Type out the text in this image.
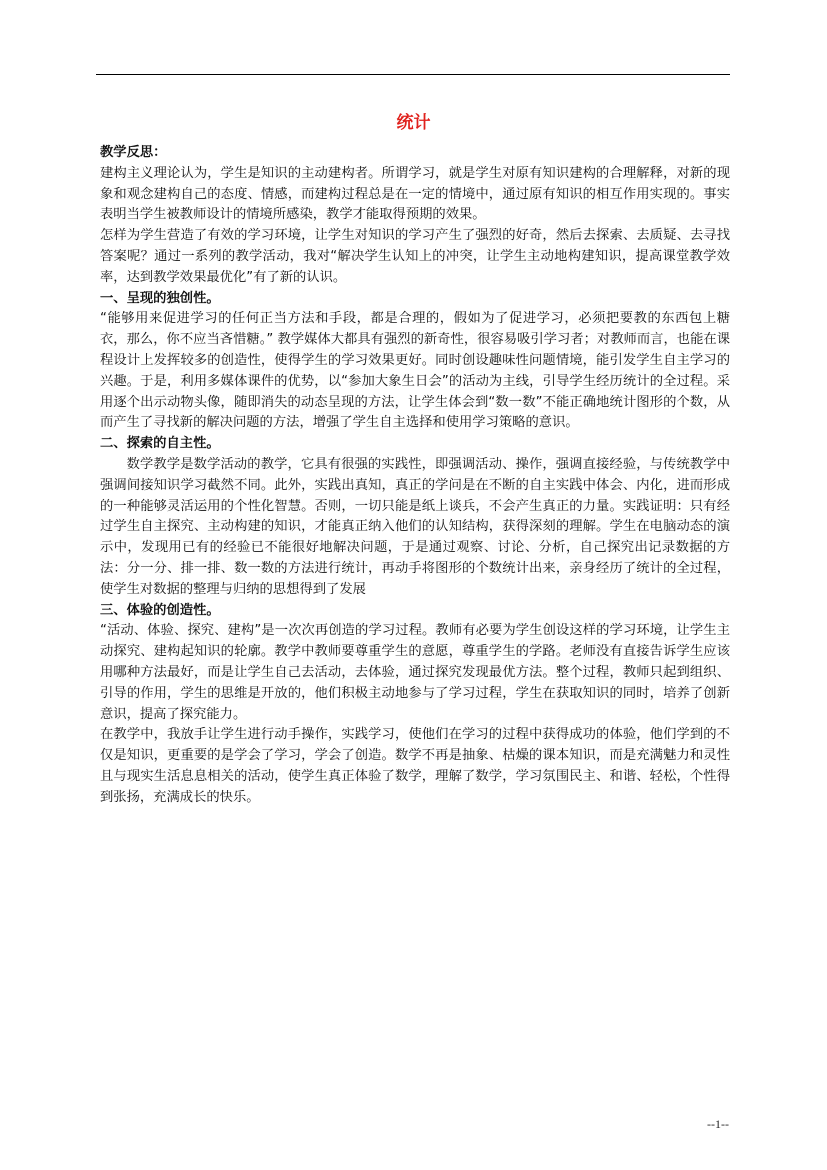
统计

教学反思：

建构主义理论认为，学生是知识的主动建构者。所谓学习，就是学生对原有知识建构的合理解释，对新的现象和观念建构自己的态度、情感，而建构过程总是在一定的情境中，通过原有知识的相互作用实现的。事实表明当学生被教师设计的情境所感染，教学才能取得预期的效果。

怎样为学生营造了有效的学习环境，让学生对知识的学习产生了强烈的好奇，然后去探索、去质疑、去寻找答案呢？通过一系列的教学活动，我对“解决学生认知上的冲突，让学生主动地构建知识，提高课堂教学效率，达到教学效果最优化”有了新的认识。

一、呈现的独创性。

“能够用来促进学习的任何正当方法和手段，都是合理的，假如为了促进学习，必须把要教的东西包上糖衣，那么，你不应当吝惜糖。” 教学媒体大都具有强烈的新奇性，很容易吸引学习者；对教师而言，也能在课程设计上发挥较多的创造性，使得学生的学习效果更好。同时创设趣味性问题情境，能引发学生自主学习的兴趣。于是，利用多媒体课件的优势，以“参加大象生日会”的活动为主线，引导学生经历统计的全过程。采用逐个出示动物头像，随即消失的动态呈现的方法，让学生体会到“数一数”不能正确地统计图形的个数，从而产生了寻找新的解决问题的方法，增强了学生自主选择和使用学习策略的意识。

二、探索的自主性。

数学教学是数学活动的教学，它具有很强的实践性，即强调活动、操作，强调直接经验，与传统教学中强调间接知识学习截然不同。此外，实践出真知，真正的学问是在不断的自主实践中体会、内化，进而形成的一种能够灵活运用的个性化智慧。否则，一切只能是纸上谈兵，不会产生真正的力量。实践证明：只有经过学生自主探究、主动构建的知识，才能真正纳入他们的认知结构，获得深刻的理解。学生在电脑动态的演示中，发现用已有的经验已不能很好地解决问题，于是通过观察、讨论、分析，自己探究出记录数据的方法：分一分、排一排、数一数的方法进行统计，再动手将图形的个数统计出来，亲身经历了统计的全过程，使学生对数据的整理与归纳的思想得到了发展

三、体验的创造性。

“活动、体验、探究、建构”是一次次再创造的学习过程。教师有必要为学生创设这样的学习环境，让学生主动探究、建构起知识的轮廓。教学中教师要尊重学生的意愿，尊重学生的学路。老师没有直接告诉学生应该用哪种方法最好，而是让学生自己去活动，去体验，通过探究发现最优方法。整个过程，教师只起到组织、引导的作用，学生的思维是开放的，他们积极主动地参与了学习过程，学生在获取知识的同时，培养了创新意识，提高了探究能力。

在教学中，我放手让学生进行动手操作，实践学习，使他们在学习的过程中获得成功的体验，他们学到的不仅是知识，更重要的是学会了学习，学会了创造。数学不再是抽象、枯燥的课本知识，而是充满魅力和灵性且与现实生活息息相关的活动，使学生真正体验了数学，理解了数学，学习氛围民主、和谐、轻松，个性得到张扬，充满成长的快乐。

--1--
